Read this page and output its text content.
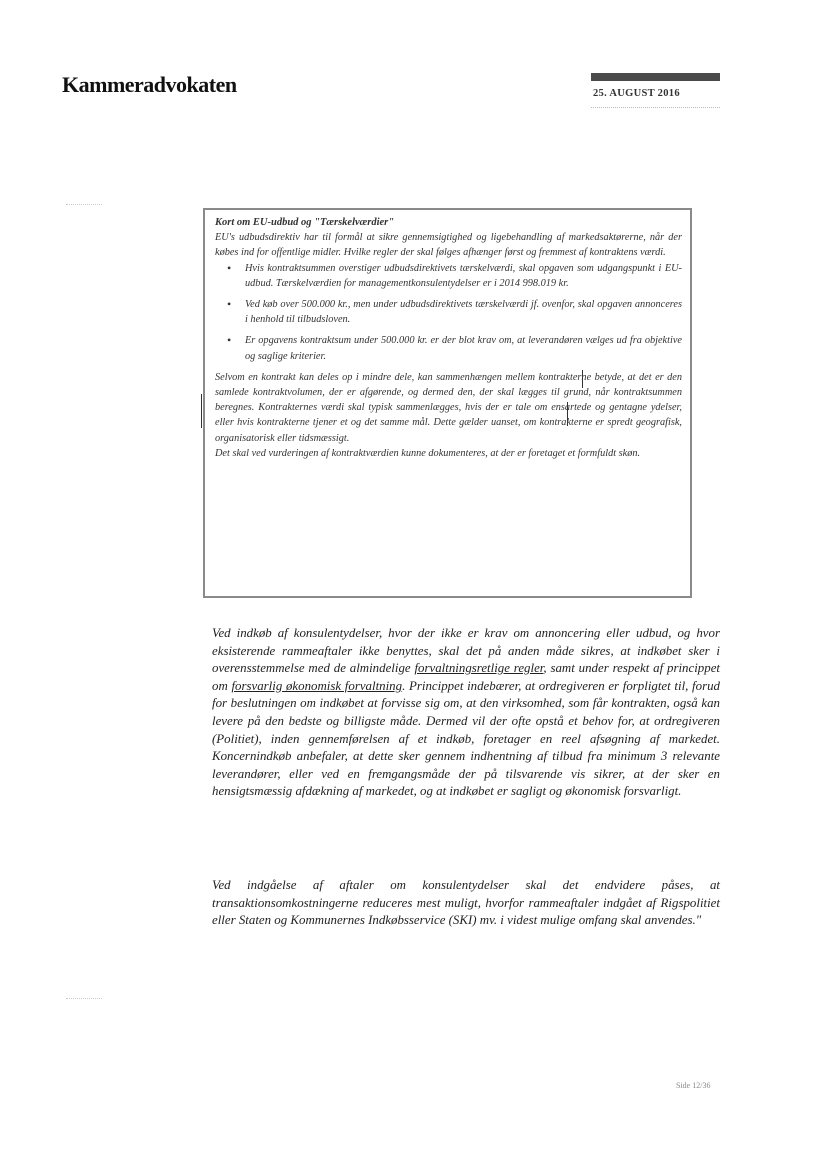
Kammeradvokaten	25. AUGUST 2016

Kort om EU-udbud og "Tærskelværdier"

EU's udbudsdirektiv har til formål at sikre gennemsigtighed og ligebehandling af markedsaktørerne, når der købes ind for offentlige midler. Hvilke regler der skal følges afhænger først og fremmest af kontraktens værdi.

• Hvis kontraktsummen overstiger udbudsdirektivets tærskelværdi, skal opgaven som udgangspunkt i EU-udbud. Tærskelværdien for managementkonsulentydelser er i 2014 998.019 kr.
• Ved køb over 500.000 kr., men under udbudsdirektivets tærskelværdi jf. ovenfor, skal opgaven annonceres i henhold til tilbudsloven.
• Er opgavens kontraktsum under 500.000 kr. er der blot krav om, at leverandøren vælges ud fra objektive og saglige kriterier.

Selvom en kontrakt kan deles op i mindre dele, kan sammenhængen mellem kontrakterne betyde, at det er den samlede kontraktvolumen, der er afgørende, og dermed den, der skal lægges til grund, når kontraktsummen beregnes. Kontrakternes værdi skal typisk sammenlægges, hvis der er tale om ensartede og gentagne ydelser, eller hvis kontrakterne tjener et og det samme mål. Dette gælder uanset, om kontrakterne er spredt geografisk, organisatorisk eller tidsmæssigt.

Det skal ved vurderingen af kontraktværdien kunne dokumenteres, at der er foretaget et formfuldt skøn.

Ved indkøb af konsulentydelser, hvor der ikke er krav om annoncering eller udbud, og hvor eksisterende rammeaftaler ikke benyttes, skal det på anden måde sikres, at indkøbet sker i overensstemmelse med de almindelige forvaltningsretlige regler, samt under respekt af princippet om forsvarlig økonomisk forvaltning. Princippet indebærer, at ordregiveren er forpligtet til, forud for beslutningen om indkøbet at forvisse sig om, at den virksomhed, som får kontrakten, også kan levere på den bedste og billigste måde. Dermed vil der ofte opstå et behov for, at ordregiveren (Politiet), inden gennemførelsen af et indkøb, foretager en reel afsøgning af markedet. Koncernindkøb anbefaler, at dette sker gennem indhentning af tilbud fra minimum 3 relevante leverandører, eller ved en fremgangsmåde der på tilsvarende vis sikrer, at der sker en hensigtsmæssig afdækning af markedet, og at indkøbet er sagligt og økonomisk forsvarligt.

Ved indgåelse af aftaler om konsulentydelser skal det endvidere påses, at transaktionsomkostningerne reduceres mest muligt, hvorfor rammeaftaler indgået af Rigspolitiet eller Staten og Kommunernes Indkøbsservice (SKI) mv. i videst mulige omfang skal anvendes."

Side 12/36
